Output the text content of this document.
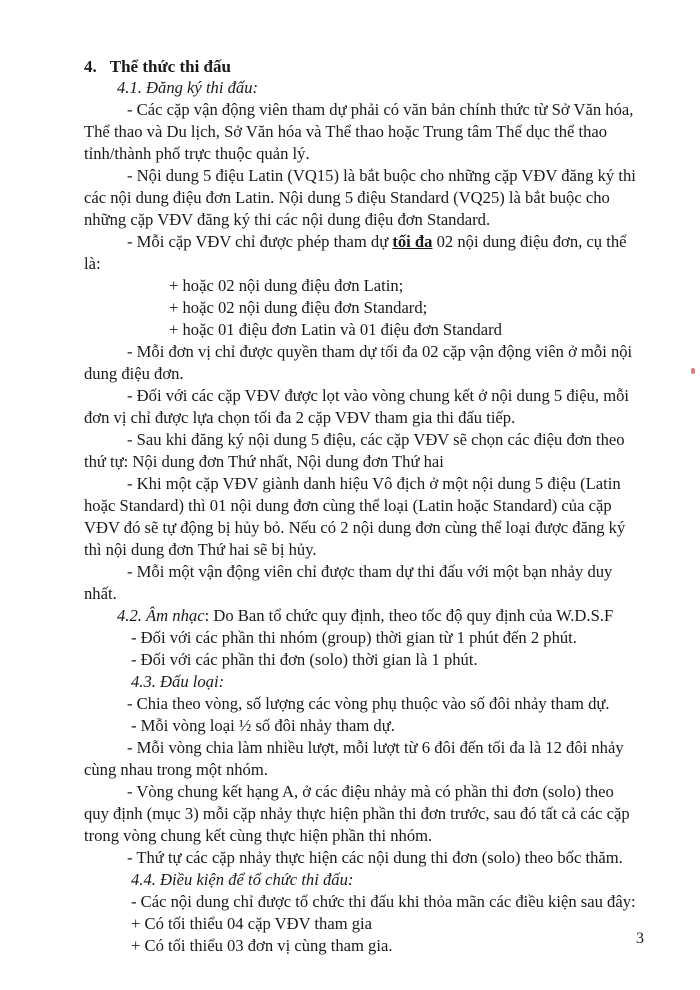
4. Thể thức thi đấu
4.1. Đăng ký thi đấu:
- Các cặp vận động viên tham dự phải có văn bản chính thức từ Sở Văn hóa,
Thể thao và Du lịch, Sở Văn hóa và Thể thao hoặc Trung tâm Thể dục thể thao
tỉnh/thành phố trực thuộc quản lý.
- Nội dung 5 điệu Latin (VQ15) là bắt buộc cho những cặp VĐV đăng ký thi
các nội dung điệu đơn Latin. Nội dung 5 điệu Standard (VQ25) là bắt buộc cho
những cặp VĐV đăng ký thi các nội dung điệu đơn Standard.
- Mỗi cặp VĐV chỉ được phép tham dự tối đa 02 nội dung điệu đơn, cụ thể
là:
+ hoặc 02 nội dung điệu đơn Latin;
+ hoặc 02 nội dung điệu đơn Standard;
+ hoặc 01 điệu đơn Latin và 01 điệu đơn Standard
- Mỗi đơn vị chỉ được quyền tham dự tối đa 02 cặp vận động viên ở mỗi nội
dung điệu đơn.
- Đối với các cặp VĐV được lọt vào vòng chung kết ở nội dung 5 điệu, mỗi
đơn vị chỉ được lựa chọn tối đa 2 cặp VĐV tham gia thi đấu tiếp.
- Sau khi đăng ký nội dung 5 điệu, các cặp VĐV sẽ chọn các điệu đơn theo
thứ tự: Nội dung đơn Thứ nhất, Nội dung đơn Thứ hai
- Khi một cặp VĐV giành danh hiệu Vô địch ở một nội dung 5 điệu (Latin
hoặc Standard) thì 01 nội dung đơn cùng thể loại (Latin hoặc Standard) của cặp
VĐV đó sẽ tự động bị hủy bỏ. Nếu có 2 nội dung đơn cùng thể loại được đăng ký
thì nội dung đơn Thứ hai sẽ bị hủy.
- Mỗi một vận động viên chỉ được tham dự thi đấu với một bạn nhảy duy
nhất.
4.2. Âm nhạc: Do Ban tổ chức quy định, theo tốc độ quy định của W.D.S.F
- Đối với các phần thi nhóm (group) thời gian từ 1 phút đến 2 phút.
- Đối với các phần thi đơn (solo) thời gian là 1 phút.
4.3. Đấu loại:
- Chia theo vòng, số lượng các vòng phụ thuộc vào số đôi nhảy tham dự.
- Mỗi vòng loại ½ số đôi nhảy tham dự.
- Mỗi vòng chia làm nhiều lượt, mỗi lượt từ 6 đôi đến tối đa là 12 đôi nhảy
cùng nhau trong một nhóm.
- Vòng chung kết hạng A, ở các điệu nhảy mà có phần thi đơn (solo) theo
quy định (mục 3) mỗi cặp nhảy thực hiện phần thi đơn trước, sau đó tất cả các cặp
trong vòng chung kết cùng thực hiện phần thi nhóm.
- Thứ tự các cặp nhảy thực hiện các nội dung thi đơn (solo) theo bốc thăm.
4.4. Điều kiện để tổ chức thi đấu:
- Các nội dung chỉ được tổ chức thi đấu khi thỏa mãn các điều kiện sau đây:
+ Có tối thiểu 04 cặp VĐV tham gia
+ Có tối thiểu 03 đơn vị cùng tham gia.	3
